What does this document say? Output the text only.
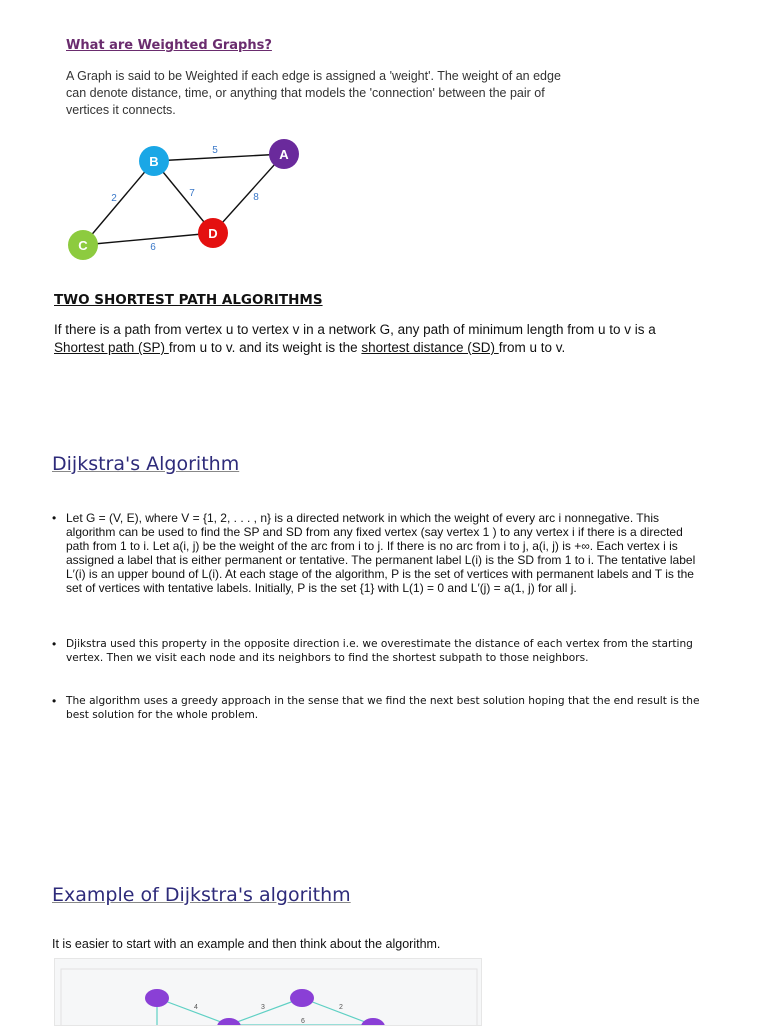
What are Weighted Graphs?
A Graph is said to be Weighted if each edge is assigned a 'weight'. The weight of an edge can denote distance, time, or anything that models the 'connection' between the pair of vertices it connects.
5
2	7	8
6
B	A
C
D
TWO SHORTEST PATH ALGORITHMS
If there is a path from vertex u to vertex v in a network G, any path of minimum length from u to v is a
Shortest path (SP) from u to v. and its weight is the shortest distance (SD) from u to v.
Dijkstra's Algorithm
• Let G = (V, E), where V = {1, 2, . . . , n} is a directed network in which the weight of every arc i nonnegative. This algorithm can be used to find the SP and SD from any fixed vertex (say vertex 1 ) to any vertex i if there is a directed path from 1 to i. Let a(i, j) be the weight of the arc from i to j. If there is no arc from i to j, a(i, j) is +∞. Each vertex i is assigned a label that is either permanent or tentative. The permanent label L(i) is the SD from 1 to i. The tentative label L′(i) is an upper bound of L(i). At each stage of the algorithm, P is the set of vertices with permanent labels and T is the set of vertices with tentative labels. Initially, P is the set {1} with L(1) = 0 and L′(j) = a(1, j) for all j.
• Djikstra used this property in the opposite direction i.e. we overestimate the distance of each vertex from the starting vertex. Then we visit each node and its neighbors to find the shortest subpath to those neighbors.
• The algorithm uses a greedy approach in the sense that we find the next best solution hoping that the end result is the best solution for the whole problem.
Example of Dijkstra's algorithm
It is easier to start with an example and then think about the algorithm.
4	3	2
6
